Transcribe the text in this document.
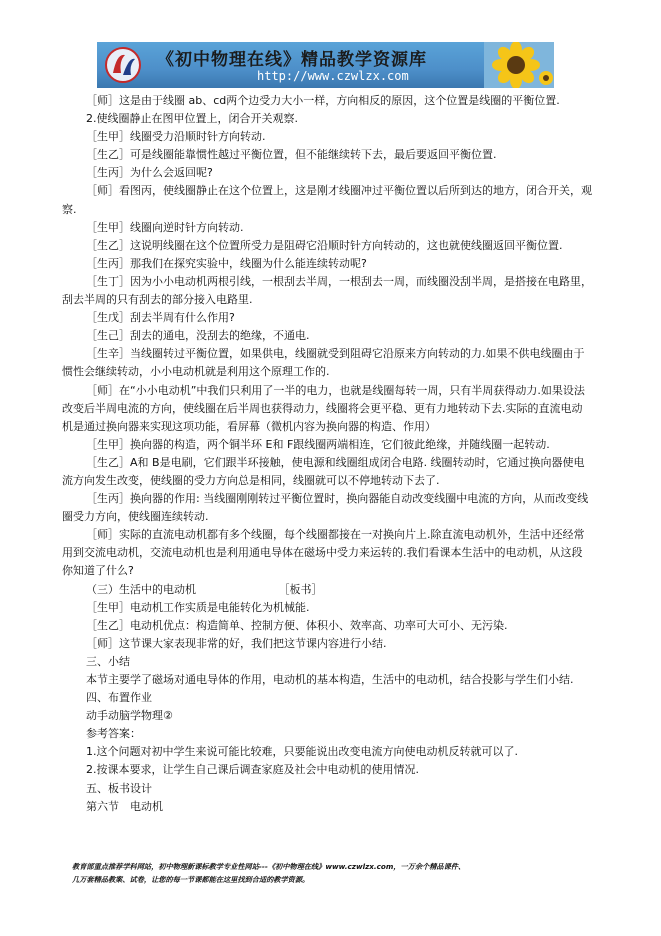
《初中物理在线》精品教学资源库
http://www.czwlzx.com

［师］这是由于线圈 ab、cd两个边受力大小一样，方向相反的原因，这个位置是线圈的平衡位置.

2.使线圈静止在图甲位置上，闭合开关观察.

［生甲］线圈受力沿顺时针方向转动.

［生乙］可是线圈能靠惯性越过平衡位置，但不能继续转下去，最后要返回平衡位置.

［生丙］为什么会返回呢?

［师］看图丙，使线圈静止在这个位置上，这是刚才线圈冲过平衡位置以后所到达的地方，闭合开关，观察.

［生甲］线圈向逆时针方向转动.

［生乙］这说明线圈在这个位置所受力是阻碍它沿顺时针方向转动的，这也就使线圈返回平衡位置.

［生丙］那我们在探究实验中，线圈为什么能连续转动呢?

［生丁］因为小小电动机两根引线，一根刮去半周，一根刮去一周，而线圈没刮半周，是搭接在电路里，刮去半周的只有刮去的部分接入电路里.

［生戊］刮去半周有什么作用?

［生己］刮去的通电，没刮去的绝缘，不通电.

［生辛］当线圈转过平衡位置，如果供电，线圈就受到阻碍它沿原来方向转动的力.如果不供电线圈由于惯性会继续转动，小小电动机就是利用这个原理工作的.

［师］在“小小电动机”中我们只利用了一半的电力，也就是线圈每转一周，只有半周获得动力.如果设法改变后半周电流的方向，使线圈在后半周也获得动力，线圈将会更平稳、更有力地转动下去.实际的直流电动机是通过换向器来实现这项功能，看屏幕（微机内容为换向器的构造、作用）

［生甲］换向器的构造，两个铜半环 E和 F跟线圈两端相连，它们彼此绝缘，并随线圈一起转动.

［生乙］A和 B是电刷，它们跟半环接触，使电源和线圈组成闭合电路. 线圈转动时，它通过换向器使电流方向发生改变，使线圈的受力方向总是相同，线圈就可以不停地转动下去了.

［生丙］换向器的作用: 当线圈刚刚转过平衡位置时，换向器能自动改变线圈中电流的方向，从而改变线圈受力方向，使线圈连续转动.

［师］实际的直流电动机都有多个线圈，每个线圈都接在一对换向片上.除直流电动机外，生活中还经常用到交流电动机，交流电动机也是利用通电导体在磁场中受力来运转的.我们看课本生活中的电动机，从这段你知道了什么?

（三）生活中的电动机　　　　　　　　［板书］

［生甲］电动机工作实质是电能转化为机械能.

［生乙］电动机优点：构造简单、控制方便、体积小、效率高、功率可大可小、无污染.

［师］这节课大家表现非常的好，我们把这节课内容进行小结.

三、小结

本节主要学了磁场对通电导体的作用，电动机的基本构造，生活中的电动机，结合投影与学生们小结.

四、布置作业

动手动脑学物理②

参考答案：

1.这个问题对初中学生来说可能比较难，只要能说出改变电流方向使电动机反转就可以了.

2.按课本要求，让学生自己课后调查家庭及社会中电动机的使用情况.

五、板书设计

第六节　电动机

教育部重点推荐学科网站，初中物理新课标教学专业性网站---《初中物理在线》www.czwlzx.com，一万余个精品课件、
几万套精品教案、试卷，让您的每一节课都能在这里找到合适的教学资源。
